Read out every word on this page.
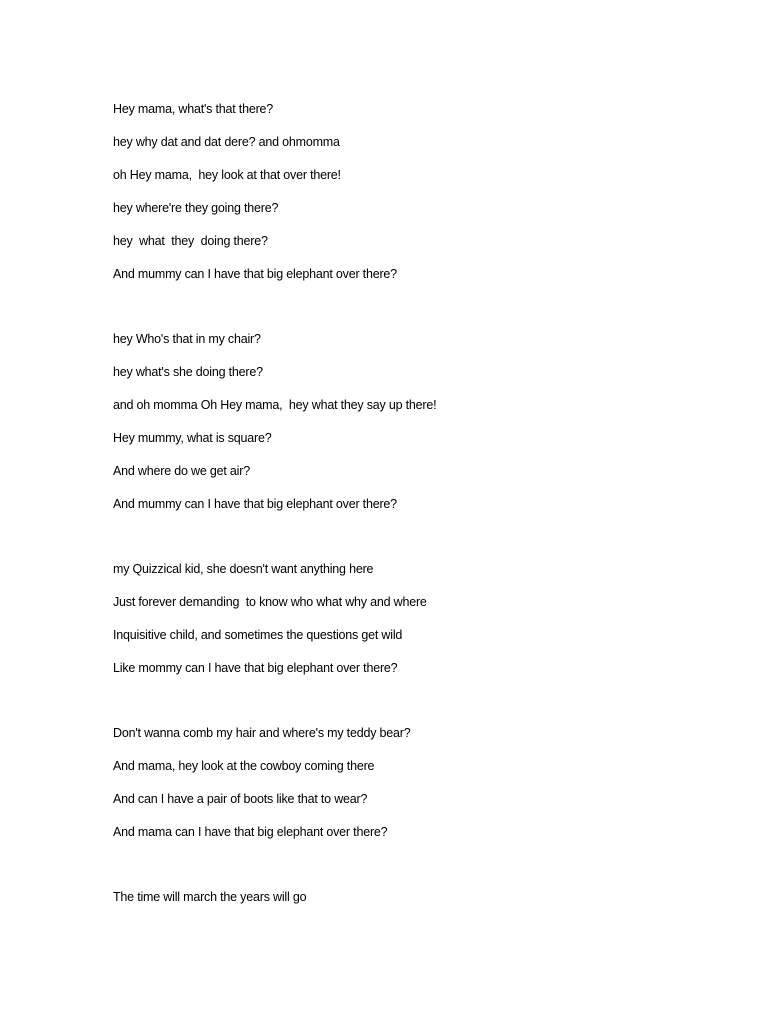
Hey mama, what's that there?
hey why dat and dat dere? and ohmomma
oh Hey mama,  hey look at that over there!
hey where're they going there?
hey  what  they  doing there?
And mummy can I have that big elephant over there?
hey Who's that in my chair?
hey what's she doing there?
and oh momma Oh Hey mama,  hey what they say up there!
Hey mummy, what is square?
And where do we get air?
And mummy can I have that big elephant over there?
my Quizzical kid, she doesn't want anything here
Just forever demanding  to know who what why and where
Inquisitive child, and sometimes the questions get wild
Like mommy can I have that big elephant over there?
Don't wanna comb my hair and where's my teddy bear?
And mama, hey look at the cowboy coming there
And can I have a pair of boots like that to wear?
And mama can I have that big elephant over there?
The time will march the years will go
